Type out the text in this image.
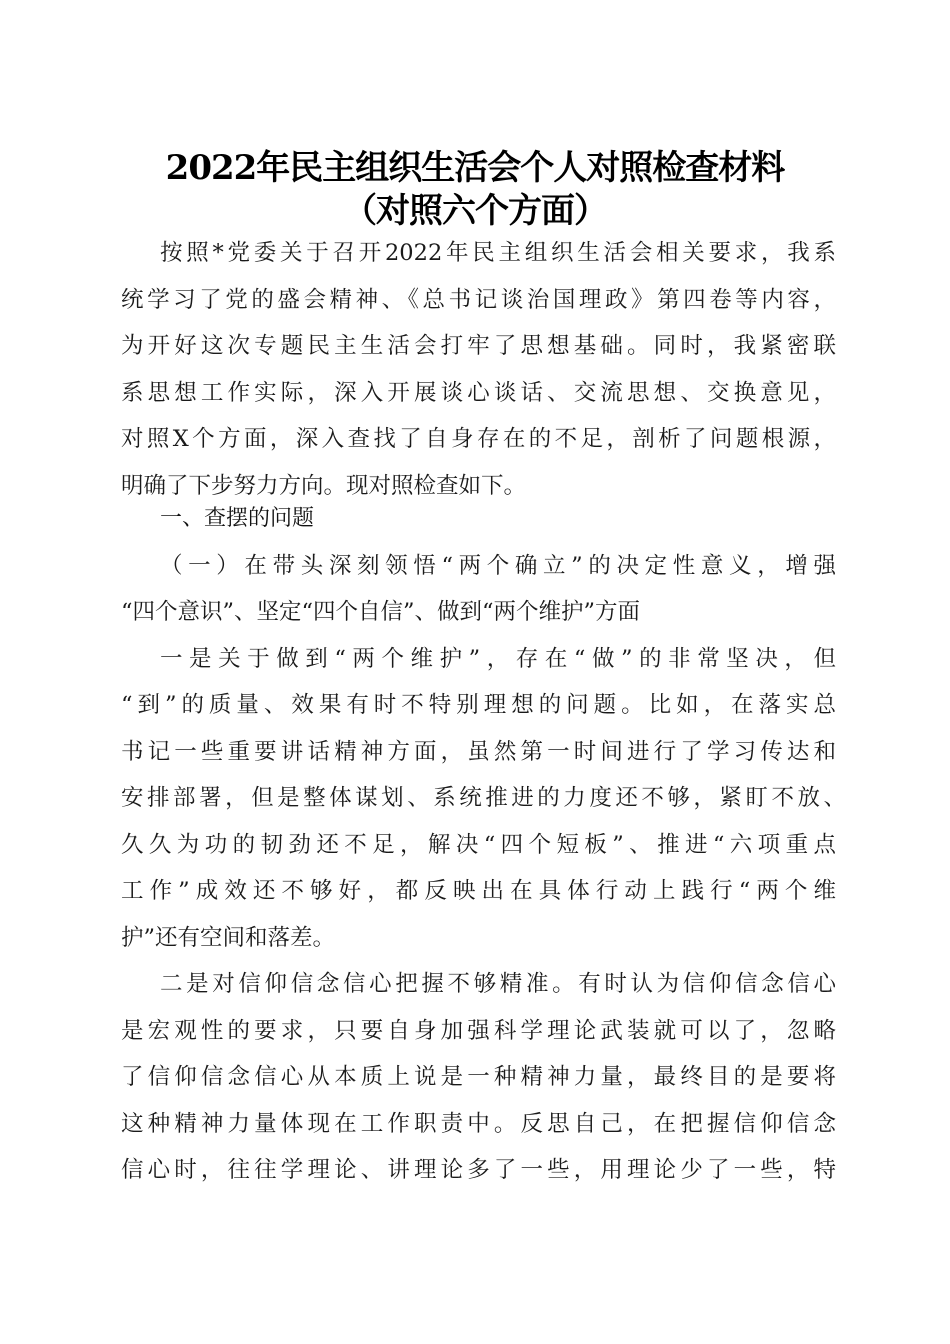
2022年民主组织生活会个人对照检查材料
（对照六个方面）
按照*党委关于召开2022年民主组织生活会相关要求，我系
统学习了党的盛会精神、《总书记谈治国理政》第四卷等内容，
为开好这次专题民主生活会打牢了思想基础。同时，我紧密联
系思想工作实际，深入开展谈心谈话、交流思想、交换意见，
对照X个方面，深入查找了自身存在的不足，剖析了问题根源，
明确了下步努力方向。现对照检查如下。
一、查摆的问题
（一）在带头深刻领悟“两个确立”的决定性意义，增强
“四个意识”、坚定“四个自信”、做到“两个维护”方面
一是关于做到“两个维护”，存在“做”的非常坚决，但
“到”的质量、效果有时不特别理想的问题。比如，在落实总
书记一些重要讲话精神方面，虽然第一时间进行了学习传达和
安排部署，但是整体谋划、系统推进的力度还不够，紧盯不放、
久久为功的韧劲还不足，解决“四个短板”、推进“六项重点
工作”成效还不够好，都反映出在具体行动上践行“两个维
护”还有空间和落差。
二是对信仰信念信心把握不够精准。有时认为信仰信念信心
是宏观性的要求，只要自身加强科学理论武装就可以了，忽略
了信仰信念信心从本质上说是一种精神力量，最终目的是要将
这种精神力量体现在工作职责中。反思自己，在把握信仰信念
信心时，往往学理论、讲理论多了一些，用理论少了一些，特
